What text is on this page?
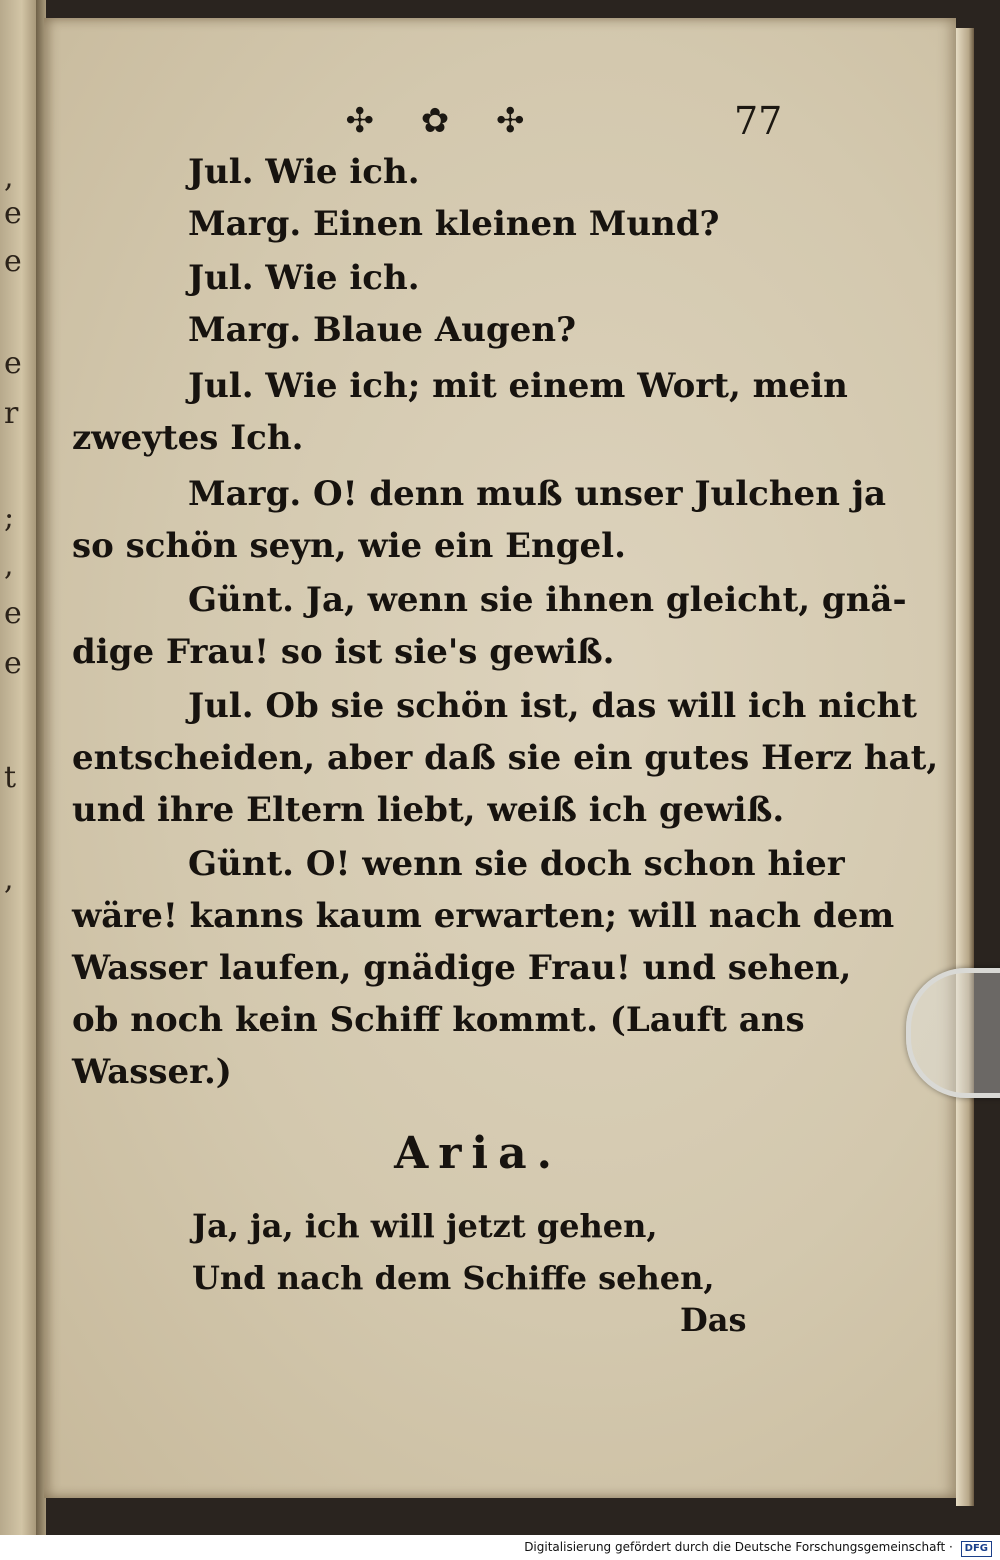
,
e
e
e
r
;
,
e
e
t
,
✣ ✿ ✣	77
Jul. Wie ich.
Marg. Einen kleinen Mund?
Jul. Wie ich.
Marg. Blaue Augen?
Jul. Wie ich; mit einem Wort, mein
zweytes Ich.
Marg. O! denn muß unser Julchen ja
so schön seyn, wie ein Engel.
Günt. Ja, wenn sie ihnen gleicht, gnä-
dige Frau! so ist sie's gewiß.
Jul. Ob sie schön ist, das will ich nicht
entscheiden, aber daß sie ein gutes Herz hat,
und ihre Eltern liebt, weiß ich gewiß.
Günt. O! wenn sie doch schon hier
wäre! kanns kaum erwarten; will nach dem
Wasser laufen, gnädige Frau! und sehen,
ob noch kein Schiff kommt. (Lauft ans
Wasser.)
Aria.
Ja, ja, ich will jetzt gehen,
Und nach dem Schiffe sehen,
Das
Digitalisierung gefördert durch die Deutsche Forschungsgemeinschaft · DFG
